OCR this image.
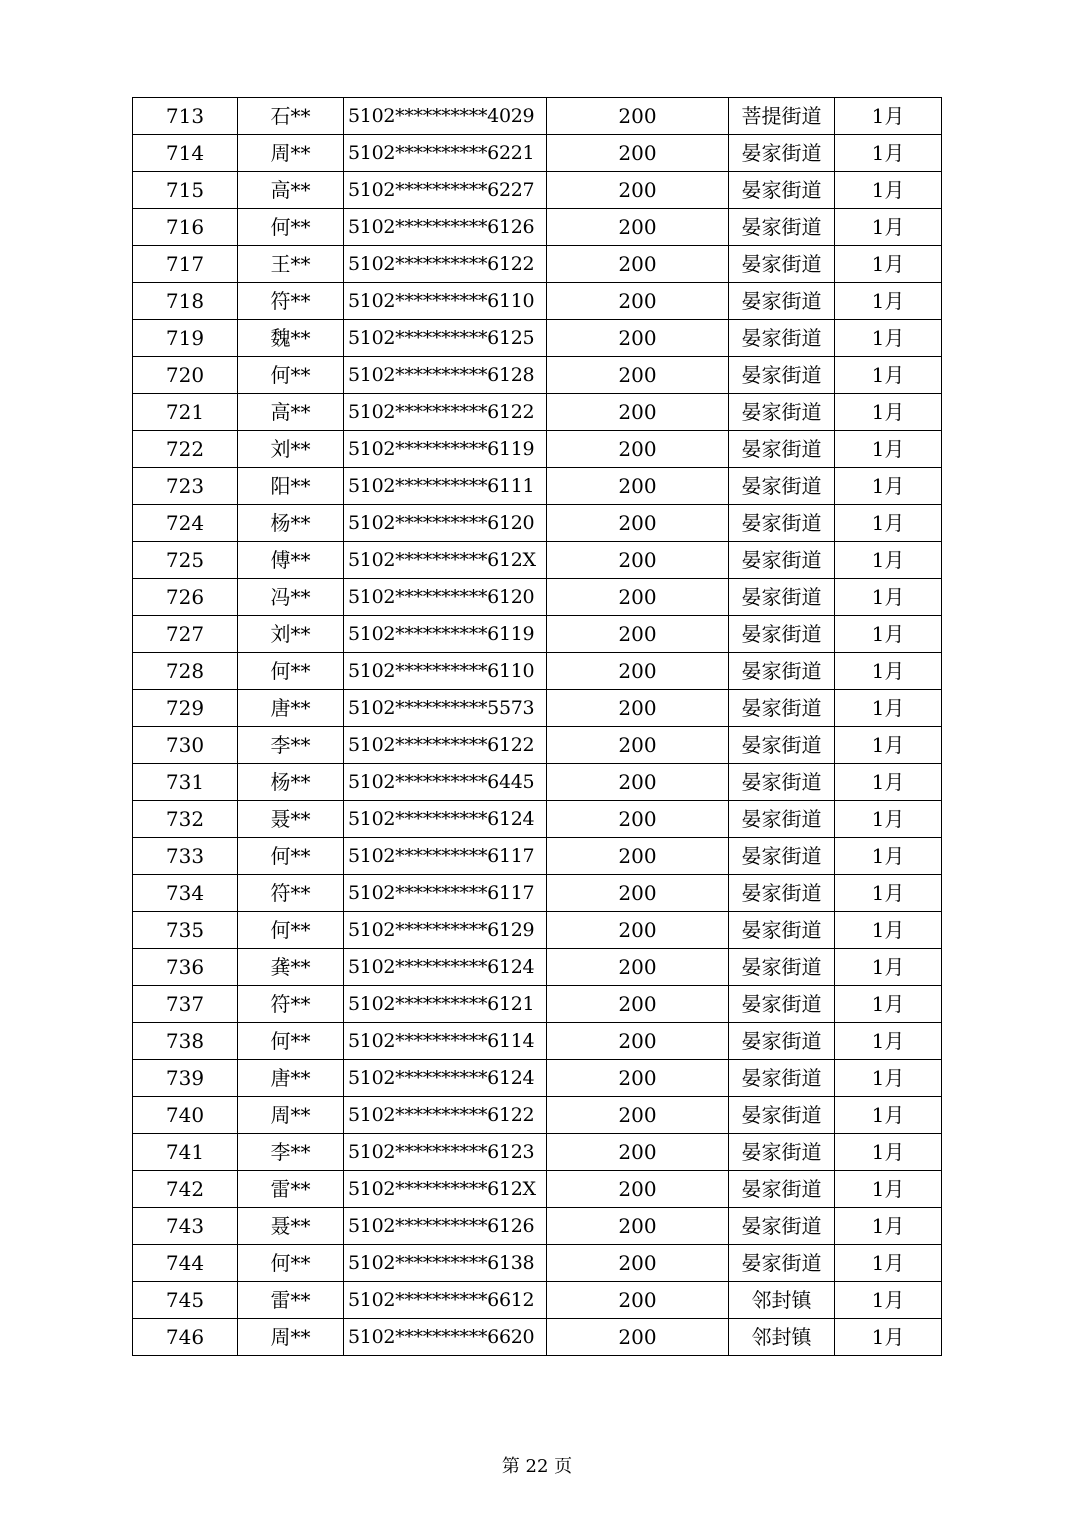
713	石**	5102**********4029	200	菩提街道	1月
714	周**	5102**********6221	200	晏家街道	1月
715	高**	5102**********6227	200	晏家街道	1月
716	何**	5102**********6126	200	晏家街道	1月
717	王**	5102**********6122	200	晏家街道	1月
718	符**	5102**********6110	200	晏家街道	1月
719	魏**	5102**********6125	200	晏家街道	1月
720	何**	5102**********6128	200	晏家街道	1月
721	高**	5102**********6122	200	晏家街道	1月
722	刘**	5102**********6119	200	晏家街道	1月
723	阳**	5102**********6111	200	晏家街道	1月
724	杨**	5102**********6120	200	晏家街道	1月
725	傅**	5102**********612X	200	晏家街道	1月
726	冯**	5102**********6120	200	晏家街道	1月
727	刘**	5102**********6119	200	晏家街道	1月
728	何**	5102**********6110	200	晏家街道	1月
729	唐**	5102**********5573	200	晏家街道	1月
730	李**	5102**********6122	200	晏家街道	1月
731	杨**	5102**********6445	200	晏家街道	1月
732	聂**	5102**********6124	200	晏家街道	1月
733	何**	5102**********6117	200	晏家街道	1月
734	符**	5102**********6117	200	晏家街道	1月
735	何**	5102**********6129	200	晏家街道	1月
736	龚**	5102**********6124	200	晏家街道	1月
737	符**	5102**********6121	200	晏家街道	1月
738	何**	5102**********6114	200	晏家街道	1月
739	唐**	5102**********6124	200	晏家街道	1月
740	周**	5102**********6122	200	晏家街道	1月
741	李**	5102**********6123	200	晏家街道	1月
742	雷**	5102**********612X	200	晏家街道	1月
743	聂**	5102**********6126	200	晏家街道	1月
744	何**	5102**********6138	200	晏家街道	1月
745	雷**	5102**********6612	200	邻封镇	1月
746	周**	5102**********6620	200	邻封镇	1月
第 22 页
